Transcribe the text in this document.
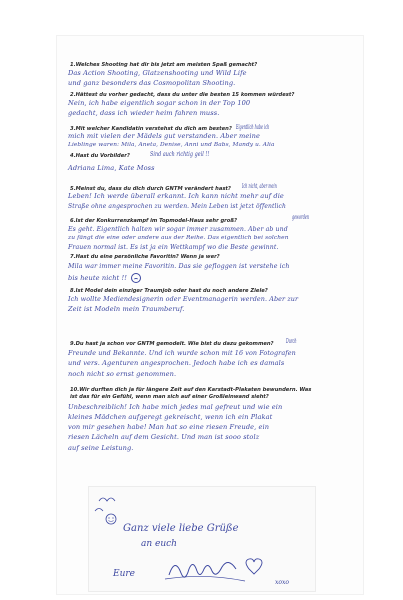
1.Welches Shooting hat dir bis jetzt am meisten Spaß gemacht?
Das Action Shooting, Glatzenshooting und Wild Life
und ganz besonders das Cosmopolitan Shooting.
2.Hättest du vorher gedacht, dass du unter die besten 15 kommen würdest?
Nein, ich habe eigentlich sogar schon in der Top 100
gedacht, dass ich wieder heim fahren muss.
3.Mit welcher Kandidatin verstehst du dich am besten? Eigentlich habe ich
mich mit vielen der Mädels gut verstanden. Aber meine
Lieblinge waren: Mila, Aneta, Denise, Anni und Babs, Mandy u. Alia
4.Hast du Vorbilder?	Sind auch richtig geil !!
Adriana Lima, Kate Moss
5.Meinst du, dass du dich durch GNTM verändert hast?	Ich nicht, aber mein
Leben! Ich werde überall erkannt. Ich kann nicht mehr auf die
Straße ohne angesprochen zu werden. Mein Leben ist jetzt öffentlich
geworden
6.Ist der Konkurrenzkampf im Topmodel-Haus sehr groß?
Es geht. Eigentlich halten wir sogar immer zusammen. Aber ab und
zu fängt die eine oder andere aus der Reihe. Das eigentlich bei solchen
Frauen normal ist. Es ist ja ein Wettkampf wo die Beste gewinnt.
7.Hast du eine persönliche Favoritin? Wenn ja wer?
Mila war immer meine Favoritin. Das sie gefloggen ist verstehe ich
bis heute nicht !!
8.Ist Model dein einziger Traumjob oder hast du noch andere Ziele?
Ich wollte Mediendesignerin oder Eventmanagerin werden. Aber zur
Zeit ist Modeln mein Traumberuf.
9.Du hast ja schon vor GNTM gemodelt. Wie bist du dazu gekommen?	Durch
Freunde und Bekannte. Und ich wurde schon mit 16 von Fotografen
und vers. Agenturen angesprochen. Jedoch habe ich es damals
noch nicht so ernst genommen.
10.Wir durften dich ja für längere Zeit auf den Karstadt-Plakaten bewundern. Was
ist das für ein Gefühl, wenn man sich auf einer Großleinwand sieht?
Unbeschreiblich! Ich habe mich jedes mal gefreut und wie ein
kleines Mädchen aufgeregt gekreischt, wenn ich ein Plakat
von mir gesehen habe! Man hat so eine riesen Freude, ein
riesen Lächeln auf dem Gesicht. Und man ist sooo stolz
auf seine Leistung.

Ganz viele liebe Grüße
an euch
Eure
xoxo
